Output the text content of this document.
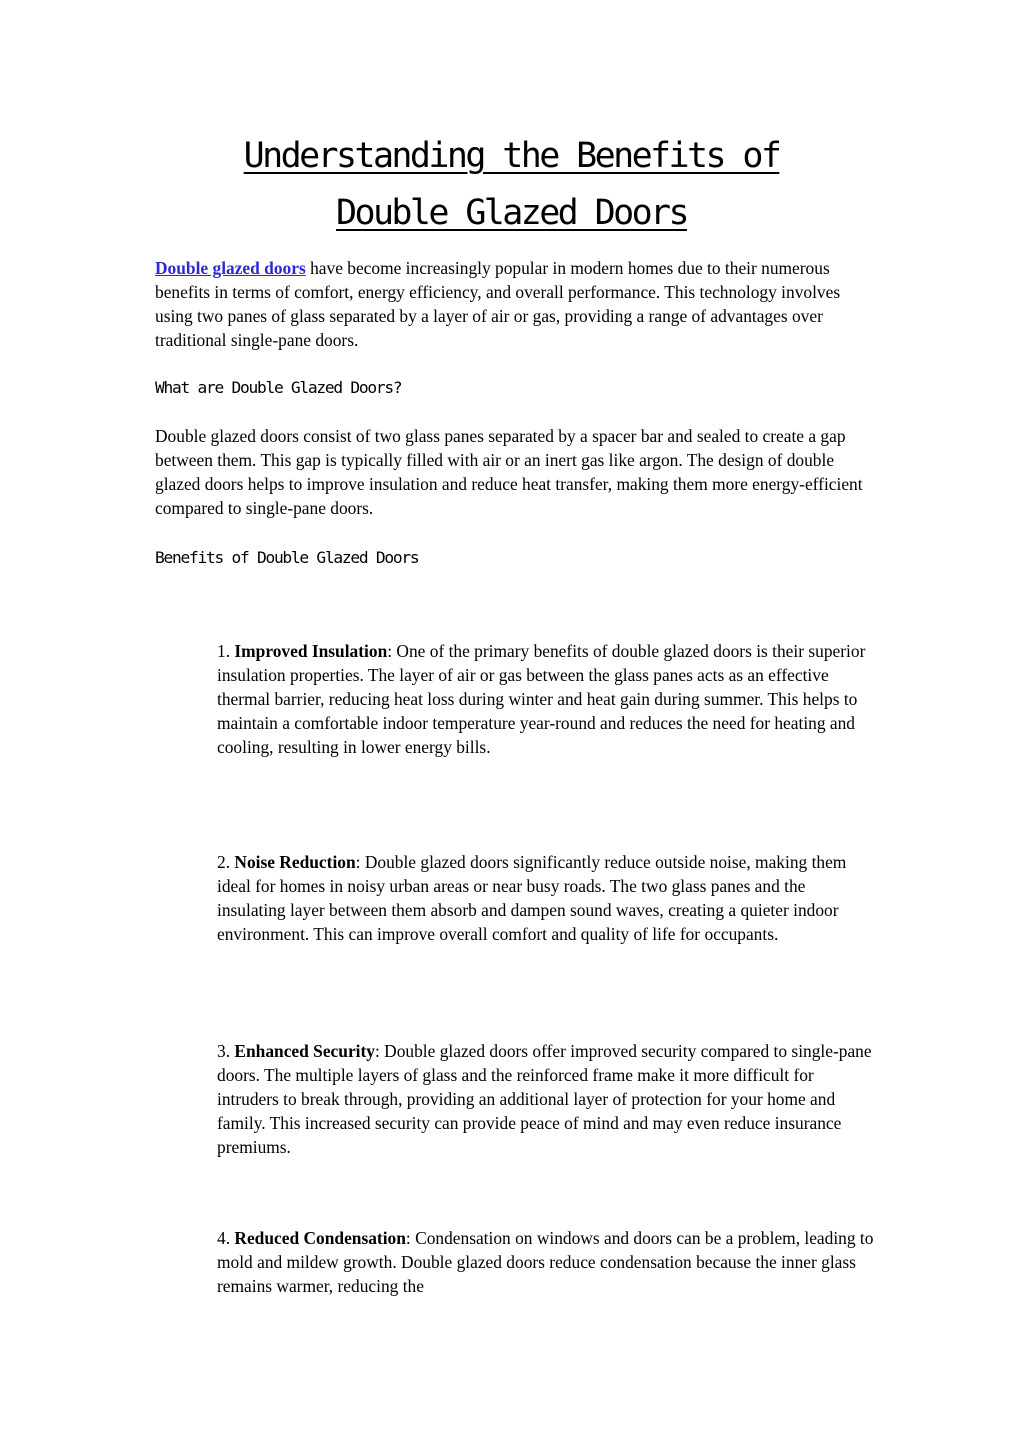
Understanding the Benefits of
Double Glazed Doors

Double glazed doors have become increasingly popular in modern homes due to their numerous benefits in terms of comfort, energy efficiency, and overall performance. This technology involves using two panes of glass separated by a layer of air or gas, providing a range of advantages over traditional single-pane doors.

What are Double Glazed Doors?

Double glazed doors consist of two glass panes separated by a spacer bar and sealed to create a gap between them. This gap is typically filled with air or an inert gas like argon. The design of double glazed doors helps to improve insulation and reduce heat transfer, making them more energy-efficient compared to single-pane doors.

Benefits of Double Glazed Doors

1. Improved Insulation: One of the primary benefits of double glazed doors is their superior insulation properties. The layer of air or gas between the glass panes acts as an effective thermal barrier, reducing heat loss during winter and heat gain during summer. This helps to maintain a comfortable indoor temperature year-round and reduces the need for heating and cooling, resulting in lower energy bills.

2. Noise Reduction: Double glazed doors significantly reduce outside noise, making them ideal for homes in noisy urban areas or near busy roads. The two glass panes and the insulating layer between them absorb and dampen sound waves, creating a quieter indoor environment. This can improve overall comfort and quality of life for occupants.

3. Enhanced Security: Double glazed doors offer improved security compared to single-pane doors. The multiple layers of glass and the reinforced frame make it more difficult for intruders to break through, providing an additional layer of protection for your home and family. This increased security can provide peace of mind and may even reduce insurance premiums.

4. Reduced Condensation: Condensation on windows and doors can be a problem, leading to mold and mildew growth. Double glazed doors reduce condensation because the inner glass remains warmer, reducing the
